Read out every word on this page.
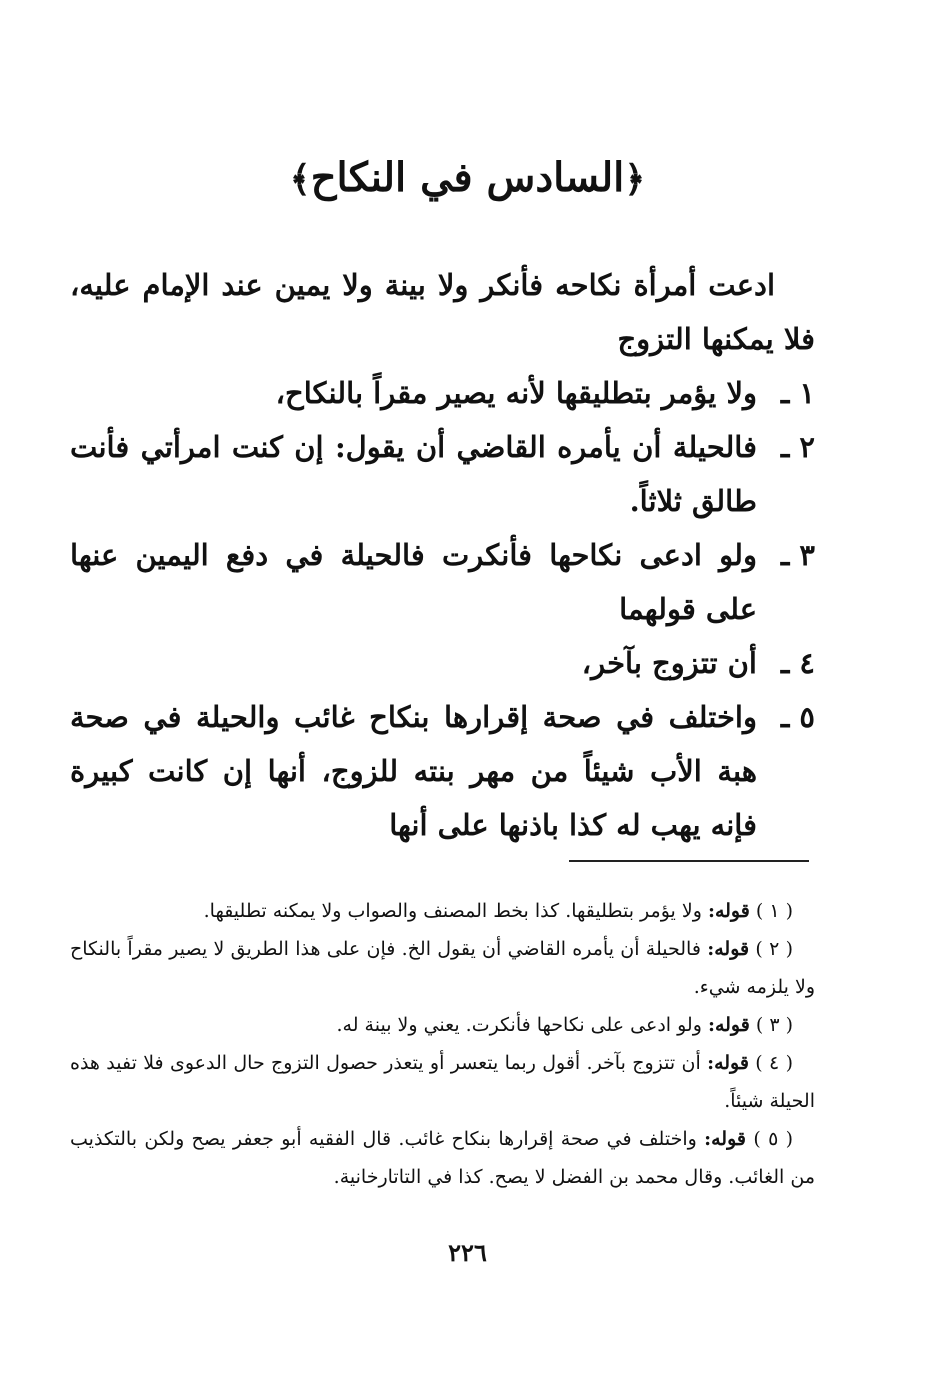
﴿السادس في النكاح﴾

ادعت أمرأة نكاحه فأنكر ولا بينة ولا يمين عند الإمام عليه، فلا يمكنها التزوج

١ ـ
ولا يؤمر بتطليقها لأنه يصير مقراً بالنكاح،
٢ ـ
فالحيلة أن يأمره القاضي أن يقول: إن كنت امرأتي فأنت طالق ثلاثاً.
٣ ـ
ولو ادعى نكاحها فأنكرت فالحيلة في دفع اليمين عنها على قولهما
٤ ـ
أن تتزوج بآخر،
٥ ـ
واختلف في صحة إقرارها بنكاح غائب والحيلة في صحة هبة الأب شيئاً من مهر بنته للزوج، أنها إن كانت كبيرة فإنه يهب له كذا باذنها على أنها

( ١ ) قوله: ولا يؤمر بتطليقها. كذا بخط المصنف والصواب ولا يمكنه تطليقها.

( ٢ ) قوله: فالحيلة أن يأمره القاضي أن يقول الخ. فإن على هذا الطريق لا يصير مقراً بالنكاح ولا يلزمه شيء.

( ٣ ) قوله: ولو ادعى على نكاحها فأنكرت. يعني ولا بينة له.

( ٤ ) قوله: أن تتزوج بآخر. أقول ربما يتعسر أو يتعذر حصول التزوج حال الدعوى فلا تفيد هذه الحيلة شيئاً.

( ٥ ) قوله: واختلف في صحة إقرارها بنكاح غائب. قال الفقيه أبو جعفر يصح ولكن بالتكذيب من الغائب. وقال محمد بن الفضل لا يصح. كذا في التاتارخانية.

٢٢٦
